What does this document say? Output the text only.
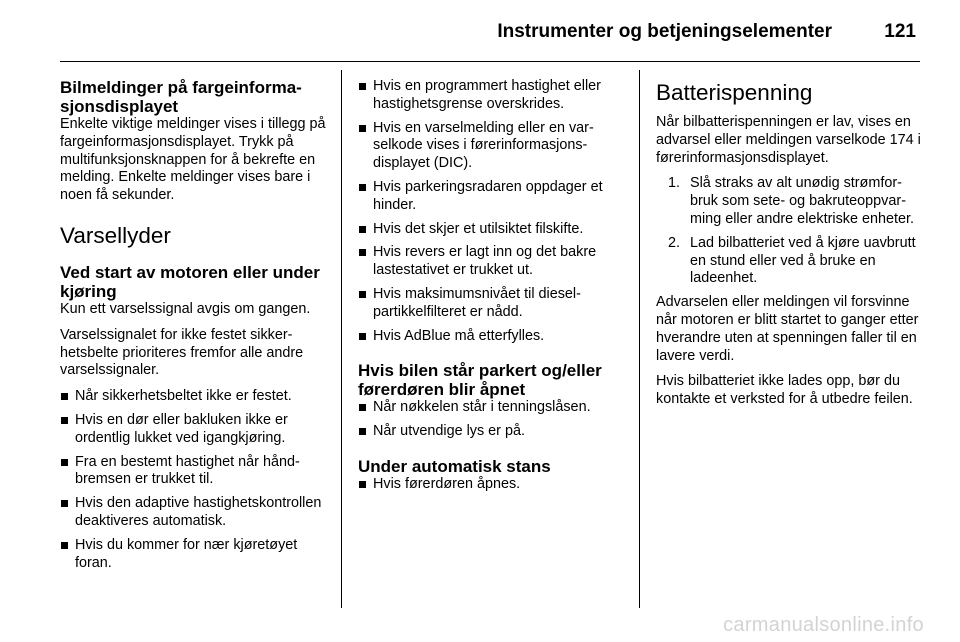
Instrumenter og betjeningselementer	121
Bilmeldinger på fargeinformasjonsdisplayet
Enkelte viktige meldinger vises i tillegg på fargeinformasjonsdisplayet. Trykk på multifunksjonsknappen for å bekrefte en melding. Enkelte meldinger vises bare i noen få sekunder.
Varsellyder
Ved start av motoren eller under kjøring
Kun ett varselssignal avgis om gangen.
Varselssignalet for ikke festet sikkerhetsbelte prioriteres fremfor alle andre varselssignaler.
Når sikkerhetsbeltet ikke er festet.
Hvis en dør eller bakluken ikke er ordentlig lukket ved igangkjøring.
Fra en bestemt hastighet når håndbremsen er trukket til.
Hvis den adaptive hastighetskontrollen deaktiveres automatisk.
Hvis du kommer for nær kjøretøyet foran.
Hvis en programmert hastighet eller hastighetsgrense overskrides.
Hvis en varselmelding eller en varselkode vises i førerinformasjonsdisplayet (DIC).
Hvis parkeringsradaren oppdager et hinder.
Hvis det skjer et utilsiktet filskifte.
Hvis revers er lagt inn og det bakre lastestativet er trukket ut.
Hvis maksimumsnivået til dieselpartikkelfilteret er nådd.
Hvis AdBlue må etterfylles.
Hvis bilen står parkert og/eller førerdøren blir åpnet
Når nøkkelen står i tenningslåsen.
Når utvendige lys er på.
Under automatisk stans
Hvis førerdøren åpnes.
Batterispenning
Når bilbatterispenningen er lav, vises en advarsel eller meldingen varselkode 174 i førerinformasjonsdisplayet.
1. Slå straks av alt unødig strømforbruk som sete- og bakruteoppvarming eller andre elektriske enheter.
2. Lad bilbatteriet ved å kjøre uavbrutt en stund eller ved å bruke en ladeenhet.
Advarselen eller meldingen vil forsvinne når motoren er blitt startet to ganger etter hverandre uten at spenningen faller til en lavere verdi.
Hvis bilbatteriet ikke lades opp, bør du kontakte et verksted for å utbedre feilen.
carmanualsonline.info
